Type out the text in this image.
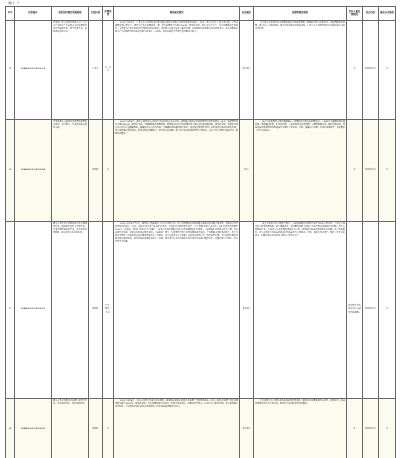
（续十一）
序号	投诉编号	投诉的问题及所属地域	行政区划	问题类型	调查核实情况	是否属实	处理和整改情况	责任人被处理情况	是否办结	群众认可情况
15	D5BA04202108020014	贵州省仁怀市某酒业有限公司工厂在生产过程中产生的废水未经处理直接排放至附近河流，废气污染严重，影响周边居民生活。	仁怀市	水、大气	2021年8月3日，仁怀市生态环境局会同茅台镇人民政府对该公司进行现场调查核实。经查，该公司位于仁怀市茅台镇，主要从事酱香型白酒生产，建有生产废水处理设施一套，设计处理能力为每天200吨。现场检查时，该公司正在生产，污水处理设施正常运行，未发现生产废水直接排放至附近河流的情况。经对该公司废水总排口取样监测，各项指标均达到相关排放标准要求。该公司酿造过程中产生的酒糟气味对周边居民生活造成一定影响，群众反映废气污染严重问题部分属实。	部分属实	责令该公司加强对污水处理设施的日常运行管理，确保废水稳定达标排放；加强酒糟堆放管理，落实防尘、除味措施，减少异味对周边居民的影响。仁怀市生态环境局将持续加强对该公司的日常监管。	无	阶段性办结	无
16	D5BA04202108020098	贵州省遵义市播州区某养殖场养殖废水直排，臭气熏天，严重影响周边群众生活。	播州区	水	2021年8月3日，遵义市播州区生态环境分局会同区农业农村局、属地镇人民政府对该养殖场开展现场调查。经查，该养殖场存栏生猪约600头，建有沼气池、干粪棚等粪污处理设施，养殖废水经沼气池处理后用于周边农田及林地消纳。现场检查时，发现沼气池出水口存在少量渗漏现象，渗漏废水流入场外沟渠；干粪棚防雨防渗措施不完善，场区周边有明显异味。经对场外沟渠水体取样监测，部分指标超出相关标准。群众反映的问题属实。针对存在的问题，该分局已依法对该养殖场立案调查，并责令其立即停止违法行为，限期完成整改。	属实	一是责令该养殖场立即封堵渗漏点，清理场外沟渠内的养殖废水；二是完善干粪棚防雨防渗设施，规范粪污收集、贮存和利用；三是加强场区日常管理，定期喷洒除臭剂，减轻异味影响；四是依法对该养殖场环境违法行为进行立案查处。目前，渗漏点已封堵，沟渠已清理完毕，其余整改工作正在推进中。	无	阶段性办结	无
17	D5BA04202108020051	遵义市某区某小区附近采石场长期违规开采，爆破噪声和粉尘污染严重，开采区域植被破坏严重，存在地质灾害隐患，周边群众多次反映无果。	播州区	大气、噪声、生态	2021年8月3日至5日，播州区自然资源局、区生态环境分局、区应急管理局会同属地镇人民政府组成联合调查组，对该采石场开展现场调查核实。经查，该采石场持有合法采矿许可证，开采矿种为建筑用石灰岩，生产规模为每年10万吨，采矿许可证有效期至2023年。经调查，该采石场存在以下问题：一是部分开采区域超出采矿许可证载明的矿区范围；二是爆破作业时间安排不合理，存在夜间作业情况，对周边居民造成噪声影响；三是破碎、筛分、装卸等环节粉尘收集处理设施不完善，厂区道路未及时洒水降尘，粉尘污染较为明显；四是采场边坡治理及植被恢复工作滞后，部分边坡存在安全隐患。经对周边环境空气、噪声进行监测，部分时段监测结果超出相关标准限值。群众反映的问题基本属实。此前，相关部门已多次对该采石场开展检查并提出整改要求，但整改落实不到位，存在监管不力问题。	基本属实	一是责令该采石场立即停产整改；二是对超越矿区范围开采行为依法立案查处；三是责令完善粉尘收集处理设施，落实道路洒水、物料覆盖等降尘措施；四是严格控制爆破作业时间，禁止夜间爆破作业；五是制定边坡治理和植被恢复方案，限期完成地质灾害隐患排查治理。区自然资源局、区生态环境分局依法对该采石场违法行为立案调查。目前，该采石场已停产，整改工作正在推进中，待整改完成并经验收合格后方可恢复生产。	对监管不力的相关责任人进行约谈提醒。	阶段性办结	无
18	D5BA04202108020063	遵义市某县某镇污水处理厂运行不正常，污水直排河流，河水发黑发臭。	播州区	水	2021年8月4日，县生态环境分局会同县住建局、属地镇人民政府对该污水处理厂开展现场调查。经查，该污水处理厂设计处理规模为每天1000吨，现场检查时，污水处理设施正在运行，但部分设备老化，处理效果不稳定。经对出水口取样监测，部分指标超出排放标准。下游河段局部水体存在发黑现象。群众反映的问题部分属实。	部分属实	责令运营单位立即对老化设备进行检修更换，确保污水处理设施稳定运行、达标排放；依法对超标排放行为立案查处；组织对下游河段开展清淤整治。	无	阶段性办结	无
